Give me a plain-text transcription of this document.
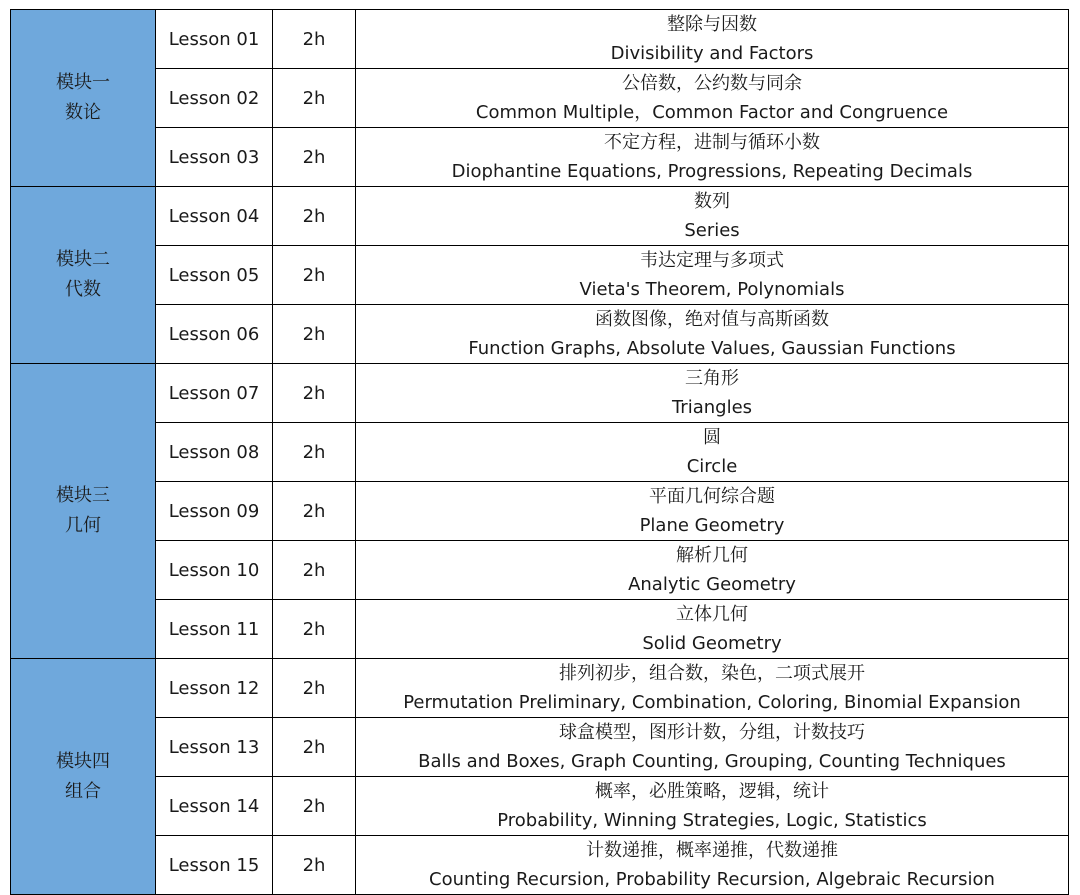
模块一
数论	Lesson 01	2h	整除与因数
Divisibility and Factors

	Lesson 02	2h	公倍数，公约数与同余
Common Multiple，Common Factor and Congruence

	Lesson 03	2h	不定方程，进制与循环小数
Diophantine Equations, Progressions, Repeating Decimals

模块二
代数	Lesson 04	2h	数列
Series

	Lesson 05	2h	韦达定理与多项式
Vieta's Theorem, Polynomials

	Lesson 06	2h	函数图像，绝对值与高斯函数
Function Graphs, Absolute Values, Gaussian Functions

模块三
几何	Lesson 07	2h	三角形
Triangles

	Lesson 08	2h	圆
Circle

	Lesson 09	2h	平面几何综合题
Plane Geometry

	Lesson 10	2h	解析几何
Analytic Geometry

	Lesson 11	2h	立体几何
Solid Geometry

模块四
组合	Lesson 12	2h	排列初步，组合数，染色，二项式展开
Permutation Preliminary, Combination, Coloring, Binomial Expansion

	Lesson 13	2h	球盒模型，图形计数，分组，计数技巧
Balls and Boxes, Graph Counting, Grouping, Counting Techniques

	Lesson 14	2h	概率，必胜策略，逻辑，统计
Probability, Winning Strategies, Logic, Statistics

	Lesson 15	2h	计数递推，概率递推，代数递推
Counting Recursion, Probability Recursion, Algebraic Recursion
